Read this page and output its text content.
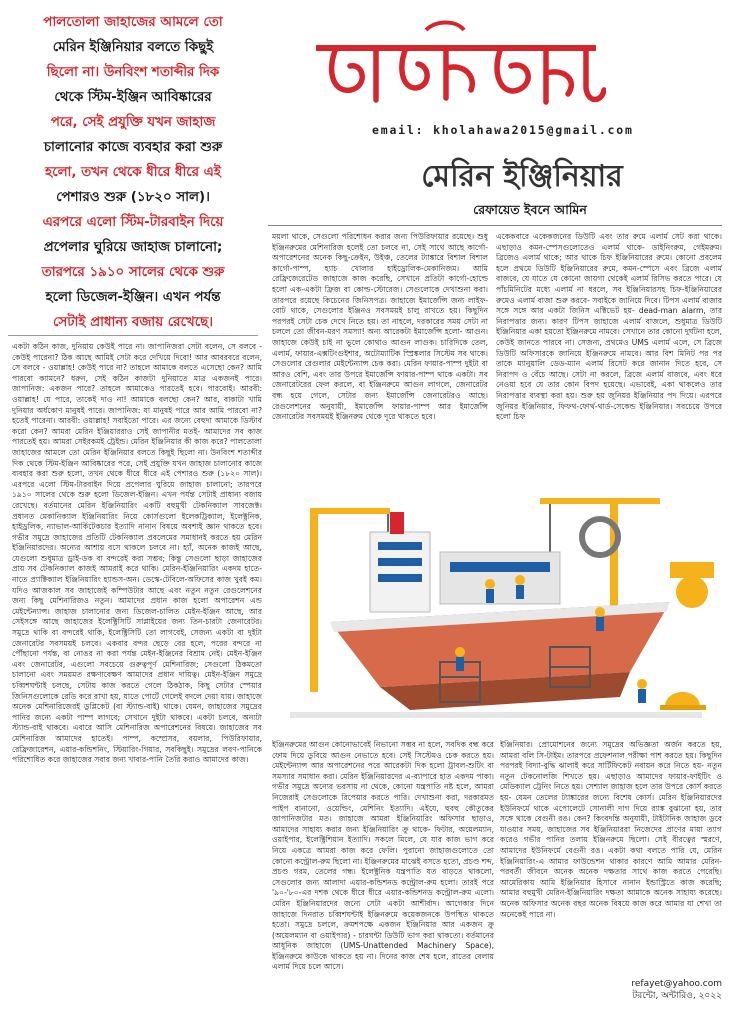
পালতোলা জাহাজের আমলে তো
মেরিন ইঞ্জিনিয়ার বলতে কিছুই
ছিলো না। উনবিংশ শতাব্দীর দিক
থেকে স্টিম-ইঞ্জিন আবিষ্কারের
পরে, সেই প্রযুক্তি যখন জাহাজ
চালানোর কাজে ব্যবহার করা শুরু
হলো, তখন থেকে ধীরে ধীরে এই
পেশারও শুরু (১৮২০ সাল)।
এরপরে এলো স্টিম-টারবাইন দিয়ে
প্রপেলার ঘুরিয়ে জাহাজ চালানো;
তারপরে ১৯১০ সালের থেকে শুরু
হলো ডিজেল-ইঞ্জিন। এখন পর্যন্ত
সেটাই প্রাধান্য বজায় রেখেছে।
email: kholahawa2015@gmail.com
মেরিন ইঞ্জিনিয়ার
রেফায়েত ইবনে আমিন

একটা কঠিন কাজ, দুনিয়ায় কেউই পারে না। জাপানিজরা সেটা বলেন, সে বলবে - কেউই পারেনা? ঠিক আছে আমিই সেটা করে দেখিয়ে দিবো! আর আবরবরে বলেন, সে বলবে - ওয়াল্লাহ! কেউই পারে না? তাহলে আমাকে বলতে এসেছো কেন? আমি পারবো ক্যামনে? ধরুন, সেই কঠিন কাজটা দুনিয়াতে মাত্র একজনই পারে। জাপানিজ: একজন পারে? তাহলে আমাকেও পারতেই হবে। পারবোই। আরবী: ওয়াল্লাহ! যে পারে, তাকেই দাও না! আমাকে বলছো কেন? আর, বাকাটা খামি দুনিয়ার অর্ধকোণ মানুষই পারে। জাপানিজ: যা মানুষই পারে আর আমি পারবো না? হতেই পারেনা। আরবী: ওয়াল্লাহ! সবাইতো পারে। এর জন্যে বেহুদা আমাকে ডিস্টার্ব করো কেন? আমরা মেরিন ইঞ্জিয়াররাও সেই জাপানীর মতই- আমাদের সব কাজ পারতেই হয়। আমরা সেইরকমই ট্রেইন্ড। মেরিন ইঞ্জিনিয়ার কী কাজ করে? পালতোলা জাহাজের আমলে তো মেরিন ইঞ্জিনিয়ার বলতে কিছুই ছিলো না। উনবিংশ শতাব্দীর দিক থেকে স্টিম-ইঞ্জিন আবিষ্কারের পরে, সেই প্রযুক্তি যখন জাহাজ চালানোর কাজে ব্যবহার করা শুরু হলো, তখন থেকে ধীরে ধীরে এই পেশারও শুরু (১৮২০ সাল)। এরপরে এলো স্টিম-টারবাইন দিয়ে প্রপেলার ঘুরিয়ে জাহাজ চালানো; তারপরে ১৯১০ সালের থেকে শুরু হলো ডিজেল-ইঞ্জিন। এখন পর্যন্ত সেটাই প্রাধান্য বজায় রেখেছে। বর্তমানের মেরিন ইঞ্জিনিয়ারিং একটি বহুমুখী টেকনিক্যাল সাবজেক্ট। প্রধানত মেকানিক্যাল ইঞ্জিনিয়ারিং নিয়ে কোর্সগুলো ইলেকট্রিক্যাল, ইলেক্ট্রনিক, হাইড্রলিক, ন্যাভাল-আর্কিটেকচার ইত্যাদি নানান বিষয়ে অবশ্যই জ্ঞান থাকতে হবে। গভীর সমুদ্রে জাহাজের প্রতিটি টেকনিক্যাল প্রবলেমের সমাধানই করতে হয় মেরিন ইঞ্জিনিয়ারদের। অন্যের আশায় বসে থাকলে চলবে না। হ্যাঁ, অনেক কাজই আছে, যেগুলো শুধুমাত্র ড্রাই-ডক বা বন্দরেই করা সম্ভব; কিন্তু সেগুলো ছাড়া জাহাজের প্রায় সব টেকনিক্যাল কাজই আমরাই করে থাকি। মেরিন-ইঞ্জিনিয়ারিং একদম হাতে-নাতে প্র্যাক্টিক্যাল ইঞ্জিনিয়ারিং হ্যান্ডস-অন। ডেস্কে-টেবিলে-অফিসের কাজ খুবই কম। যদিও আজকাল সব জাহাজেই কম্পিউটার আছে এবং নতুন নতুন রেগুলেশনের জন্য কিছু মেশিনারিজও নতুন। আমাদের প্রধান কাজ হলো অপারেশন এন্ড মেইন্টেন্যান্স। জাহাজ চালানোর জন্য ডিজেল-চালিত মেইন-ইঞ্জিন আছে, আর সেইসঙ্গে আছে জাহাজের ইলেক্ট্রিসিটি সাপ্লাইয়ের জন্য তিন-চারটা জেনারেটর। সমুদ্রে থাকি বা বন্দরেই থাকি, ইলেক্ট্রিসিটি তো লাগবেই, সেজন্য একটা বা দুইটা জেনারেটর সবসময়ই চলবে। একবার বন্দর ছেড়ে বের হলে, পরের বন্দরে না পৌঁছানো পর্যন্ত, বা নোঙর না করা পর্যন্ত মেইন-ইঞ্জিনের বিশ্রাম নেই। মেইন-ইঞ্জিন এবং জেনারেটর, এগুলো সবচেয়ে গুরুত্বপূর্ণ মেশিনারিজ; সেগুলো ঠিকমতো চালানো এবং সময়মত রক্ষণাবেক্ষণ আমাদের প্রধান দায়িত্ব। মেইন-ইঞ্জিন সমুদ্রে চব্বিশঘন্টাই চলছে, সেটায় কাজ করতে গেলে ঠিকঠাক, কিছু সেটার স্পেয়ার জিনিসগুলোকে রেডি করে রাখা হয়, যাতে পোর্টে গেলেই বদলে দেয়া যায়। জাহাজে অনেক মেশিনারিজেরই ডুপ্লিকেট (বা স্ট্যান্ড-বাই) থাকে। যেমন, জাহাজের সমুদ্রের পানির জন্যে একটা পাম্প লাগবে; সেখানে দুইটা থাকবে। একটা চলবে, অন্যটা স্ট্যান্ড-বাই থাকবে। এবারে আসি মেশিনারিজ অপারেশনের বিষয়ে। জাহাজের সব মেশিনারিজ আমাদের হাতেই। পাম্প, কম্প্রেসর, বয়লার, পিউরিফায়ার, রেফ্রিজারেশন, এয়ার-কন্ডিশনিং, স্টিয়ারিং-গিয়ার, সবকিছুই। সমুদ্রের লবণ-পানিকে পরিশোধিত করে জাহাজের সবার জন্য খাবার-পানি তৈরি করাও আমাদের কাজ।

ময়লা থাকে, সেগুলো পরিশোধন করার জন্য পিউরিফায়ার রয়েছে। শুধু ইঞ্জিনরুমের মেশিনারিজ হলেই তো চলবে না, সেই সাথে আছে কার্গো-অপারেশনের অনেক কিছু-ক্রেইন, উইঞ্চ, তেলের ট্যাঙ্কারে বিশাল বিশাল কার্গো-পাম্প, হ্যাচ খোলার হাইড্রোলিক-মেকানিজম। আমি রেফ্রিজেরেটেড জাহাজে কাজ করেছি, সেখানে প্রতিটা কার্গো-হোল্ডে হলো এক-একটা ফ্রিজ বা কোল্ড-স্টোরেজ। সেগুলোকে দেখাশুনা করা। তারপরে রয়েছে কিচেনের জিনিসপত্র। জাহাজে ইমার্জেন্সি জন্য লাইফ-বোট থাকে, সেগুলোর ইঞ্জিনও সবসময়ই চালু রাখতে হয়। কিছুদিন পরপরই সেটা চেক দেখে নিতে হয়। তা নাহলে, দরকারের সময় সেটা না চললে তো জীবন-মরণ সমস্যা! অন্য আরেকটা ইমার্জেন্সি হলো- আগুন। জাহাজে কেউই চাই না ভুলে কোথাও আগুন লাগুক। চারিদিকে তেল, এলার্ম, ফায়ার-এক্সটিংগুইশার, অটোম্যাটিক স্প্রিঙ্কলার সিস্টেম সব থাকে। সেগুলোর রেগুলার মেইন্টেন্যান্স চেক করা। মেরিন ফায়ার-পাম্প দুইটা বা আরও বেশি, এবং তার উপরে ইমার্জেন্সি ফায়ার-পাম্প থাকে একটা। সব জেনারেটরের ফেল করলে, বা ইঞ্জিনরুমে আগুন লাগলে, জেনারেটর বন্ধ হয়ে গেলে, সেটার জন্য ইমার্জেন্সি জেনারেটরও আছে। রেগুলেশনের অনুযায়ী, ইমার্জেন্সি ফায়ার-পাম্প আর ইমার্জেন্সি জেনারেটর সবসময়ই ইঞ্জিনরুম থেকে দূরে থাকতে হবে।

একেকবারে একেকজনের ডিউটি এবং তার রুমে এলার্ম সেট করা থাকে। এছাড়াও কমন-স্পেসগুলোতেও এলার্ম থাকে- ডাইনিংরুম, গেইমরুম। ব্রিজেও এলার্ম থাকে; আর থাকে চিফ ইঞ্জিনিয়ারের রুমে। কোনো প্রবলেম হলে প্রথমে ডিউটি ইঞ্জিনিয়ারের রুমে, কমন-স্পেসে এবং ব্রিজে এলার্ম বাজবে, যে যাতে যে কোনো জায়গা থেকেই এলার্ম রিসিভ করতে পারে। যে পাঁচমিনিটের মধ্যে এলার্ম না ধরলে, সব ইঞ্জিনিয়ারসহ চিফ-ইঞ্জিনিয়ারের রুমেও এলার্ম বাজা শুরু করবে- সবাইকে জানিয়ে দিবে। টিপস এলার্ম বাজার সঙ্গে সঙ্গে আর একটা জিনিস এক্টিভেট হয়- dead-man alarm, তার নিরাপত্তার জন্য। কারণ টিপস জাহাজে এলার্ম বাজলে, শুধুমাত্র ডিউটি ইঞ্জিনিয়ার একা হয়তো ইঞ্জিনরুমে নামবে। সেখানে তার কোনো দুর্ঘটনা হলে, কেউই জানতে পারবে না। সেজন্য, প্রথমেও UMS এলার্ম এলে, সে ব্রিজে ডিউটি অফিসারকে জানিয়ে ইঞ্জিনরুমে নামবে। আর বিশ মিনিট পর পর তাকে ম্যানুয়ালি ডেড-ম্যান এলার্ম রিসেট করে জানান দিতে হবে, সে নিরাপদ ও বেঁচে আছে। সেটা না করলে, ব্রিজে এলার্ম বাজবে, এবং ধরে নেওয়া হবে যে তার কোন বিপদ হয়েছে। এভাবেই, একা থাকলেও তার নিরাপত্তার ব্যবস্থা করা হয়। শুরু হয় জুনিয়র ইঞ্জিনিয়ার পদ দিয়ে। এরপরে জুনিয়র ইঞ্জিনিয়ার, ফিফথ-ফোর্থ-থার্ড-সেকেন্ড ইঞ্জিনিয়ার। সবচেয়ে উপরে হলো চিফ

ইঞ্জিনরুমের আগুন কোনোভাবেই নিভানো সম্ভব না হলে, সবদিক বন্ধ করে ফোম দিয়ে ডুবিয়ে আগুন নেভাতে হবে। সেই সিস্টেমও চেক করতে হয়। মেইন্টেন্যান্স আর অপারেশনের পরে আরেকটা দিক হলো ট্রাবল-শুটিং বা সমস্যার সমাধান করা। মেরিন ইঞ্জিনিয়ারদের এ-ব্যাপারে হাত একদম পাকা। গভীর সমুদ্রে অন্যের ভরসায় না থেকে, কোনো যন্ত্রপাতি নষ্ট হলে, আমরা নিজেরাই সেগুলোকে রিপেয়ার করতে পারি। দেখাশুনা করা, দরকারমত পাইপ বানানো, ওয়েল্ডিং, মেশিনিং ইত্যাদি। এইযে, হুবহু কৌতুকের জাপানিজটার মত। জাহাজে আমরা ইঞ্জিনিয়ারিং অফিসার ছাড়াও, আমাদের সাহায্য করার জন্য ইঞ্জিনিয়ারিং ক্রু থাকে- ফিটার, অয়েলম্যান, ওয়াইপার, ইলেক্ট্রিশিয়ান ইত্যাদি। সকলে মিলে, যে যার কাজ ভাগ করে নিয়ে একত্রে আমরা কাজ করে ফেলি। পুরানো জাহাজগুলোতে তো কোনো কন্ট্রোল-রুম ছিলো না। ইঞ্জিনরুমের মাঝেই বসতে হতো, প্রচণ্ড শব্দ, প্রচণ্ড গরম, তেলের গন্ধ। ইলেক্ট্রনিক যন্ত্রপাতি যত বাড়তে থাকলো, সেগুলোর জন্য আলাদা এয়ার-কন্ডিশনড কন্ট্রোল-রুম হলো। তারই পরে '৯০-'৮০-এর দশক থেকে ধীরে ধীরে এয়ার-কন্ডিশনড কন্ট্রোল-রুম এলো। মেরিন ইঞ্জিনিয়ারদের জন্যে সেটা একটা আশীর্বাদ। আগেকার দিনে জাহাজে দিনরাত চব্বিশঘন্টাই ইঞ্জিনরুমে কয়েকজনকে উপস্থিত থাকতে হতো। সমুদ্রে চললে, ক্রমশপক্ষে একজন ইঞ্জিনিয়ার আর একজন ক্রু (অয়েলম্যান বা ওয়াইপার) - চারঘন্টা ডিউটি ভাগ করা থাকতো। বর্তমানের আধুনিক জাহাজে (UMS-Unattended Machinery Space), ইঞ্জিনরুমে কাউকে থাকতে হয় না। দিনের কাজ শেষ হলে, রাতের বেলায় এলার্ম দিয়ে চলে আসে।

ইঞ্জিনিয়ার। প্রোমোশনের জন্যে সমুদ্রের অভিজ্ঞতা অর্জন করতে হয়, আমরা বলি সি-টাইম। তারপরে প্রফেশনাল পরীক্ষা পাশ করতে হয়। কিছুদিন পরপরই বিদ্যা-বুদ্ধি ঝালাই করে সার্টিফিকেট নবায়ন করে নিতে হয়- নতুন নতুন টেকনোলজি শিখতে হয়। এছাড়াও আমাদের ফায়ার-ফাইটিং ও মেডিক্যাল ট্রেনিং নিতে হয়। সেশ্যাল জাহাজ হলে তার উপরে কোর্স করতে হয়- যেমন তেলের ট্যাঙ্কারের জন্যে বিশেষ কোর্স। মেরিন ইঞ্জিনিয়ারদের ইউনিফর্মে থাকে এপোলেটে সোনালী দাগ দিয়ে র‍্যাঙ্ক বুঝানো হয়, তার সঙ্গে থাকে বেগুনী রঙ। কেন? কিংবদন্তি অনুযায়ী, টাইটানিক জাহাজ ডুবে যাওয়ার সময়, জাহাজের সব ইঞ্জিনিয়াররা নিজেদের প্রাণের মায়া ত্যাগ করেও গভীর পানির তলায় ইঞ্জিনরুমে ছিলো। সেই বীরত্বের স্মরণে, আমাদের ইউনিফর্মে বেগুনী রঙ। একটা কথা বলতে পারি যে, মেরিন ইঞ্জিনিয়ারিং-এ আমার ফাউন্ডেশন থাকার কারণে আমি আমার মেরিন-পরবর্তী জীবনে অনেক অনেক দক্ষতার সাথে কাজ করতে পেরেছি। আমেরিকায় আমি ইঞ্জিনিয়ার হিসাবে নানান ইন্ডাস্ট্রিতে কাজ করেছি; আমার বহুমুখী মেরিন-ইঞ্জিনিয়ারিং দক্ষতা আমাকে অনেক সাহায্য করেছে। অনেক অফিসার অনেক বছর অনেক বিষয়ে কাজ করে আমার যা শেখা তা অনেকেই পারে না।

refayet@yahoo.com
টরন্টো, অন্টারিও, ২০২২
